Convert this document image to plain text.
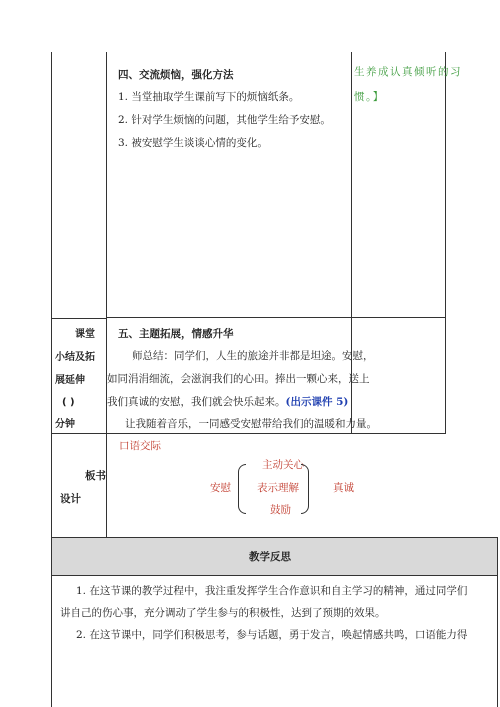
四、交流烦恼，强化方法
1. 当堂抽取学生课前写下的烦恼纸条。
2. 针对学生烦恼的问题，其他学生给予安慰。
3. 被安慰学生谈谈心情的变化。
生养成认真倾听的习
惯。】
课堂
小结及拓
展延伸
( )
分钟
五、主题拓展，情感升华
师总结：同学们，人生的旅途并非都是坦途。安慰，
如同涓涓细流，会滋润我们的心田。捧出一颗心来，送上
我们真诚的安慰，我们就会快乐起来。(出示课件 5)
让我随着音乐，一同感受安慰带给我们的温暖和力量。
板书
设计
口语交际
安慰
主动关心
表示理解
鼓励
真诚
教学反思
1. 在这节课的教学过程中，我注重发挥学生合作意识和自主学习的精神，通过同学们
讲自己的伤心事，充分调动了学生参与的积极性，达到了预期的效果。
2. 在这节课中，同学们积极思考，参与话题，勇于发言，唤起情感共鸣，口语能力得
